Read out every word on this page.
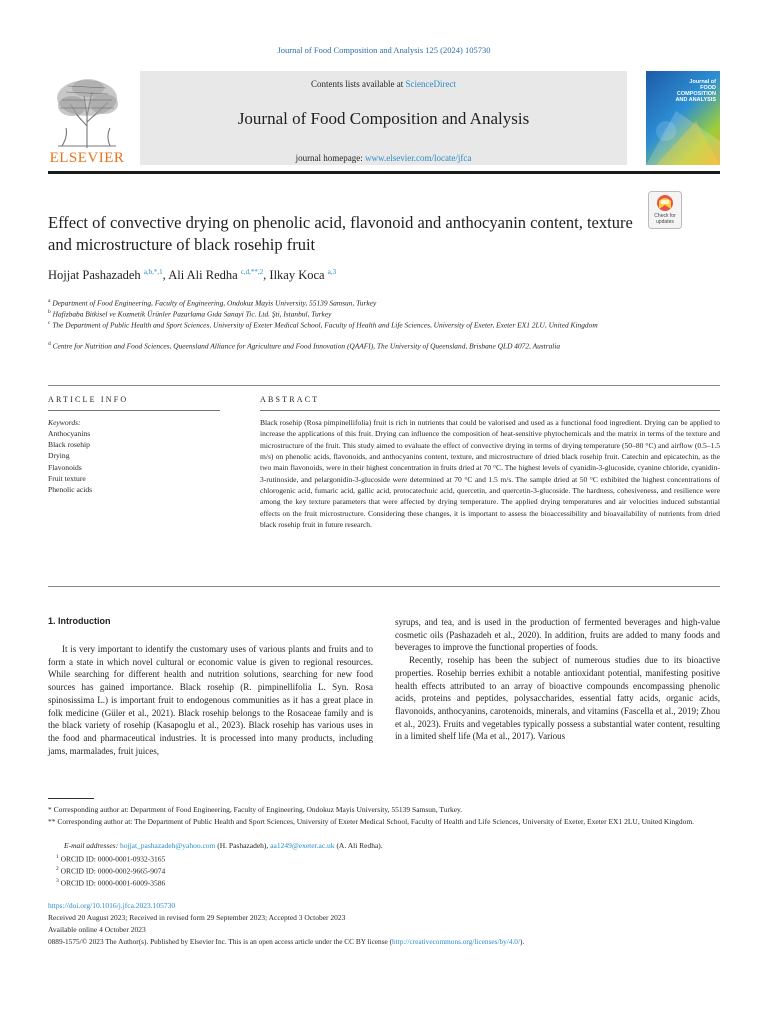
Journal of Food Composition and Analysis 125 (2024) 105730
ELSEVIER
Contents lists available at ScienceDirect
Journal of Food Composition and Analysis
journal homepage: www.elsevier.com/locate/jfca
Journal of FOOD COMPOSITION AND ANALYSIS
Check for updates
Effect of convective drying on phenolic acid, flavonoid and anthocyanin content, texture and microstructure of black rosehip fruit
Hojjat Pashazadeh $^{a,b,*,1}$, Ali Ali Redha $^{c,d,**,2}$, Ilkay Koca $^{a,3}$
$^a$ Department of Food Engineering, Faculty of Engineering, Ondokuz Mayis University, 55139 Samsun, Turkey
$^b$ Hafizbaba Bitkisel ve Kozmetik Ürünler Pazarlama Gıda Sanayi Tic. Ltd. Şti, Istanbul, Turkey
$^c$ The Department of Public Health and Sport Sciences, University of Exeter Medical School, Faculty of Health and Life Sciences, University of Exeter, Exeter EX1 2LU, United Kingdom
$^d$ Centre for Nutrition and Food Sciences, Queensland Alliance for Agriculture and Food Innovation (QAAFI), The University of Queensland, Brisbane QLD 4072, Australia
ARTICLE INFO	ABSTRACT
Keywords:
Anthocyanins
Black rosehip
Drying
Flavonoids
Fruit texture
Phenolic acids
Black rosehip (Rosa pimpinellifolia) fruit is rich in nutrients that could be valorised and used as a functional food ingredient. Drying can be applied to increase the applications of this fruit. Drying can influence the composition of heat-sensitive phytochemicals and the matrix in terms of the texture and microstructure of the fruit. This study aimed to evaluate the effect of convective drying in terms of drying temperature (50–80 °C) and airflow (0.5–1.5 m/s) on phenolic acids, flavonoids, and anthocyanins content, texture, and microstructure of dried black rosehip fruit. Catechin and epicatechin, as the two main flavonoids, were in their highest concentration in fruits dried at 70 °C. The highest levels of cyanidin-3-glucoside, cyanine chloride, cyanidin-3-rutinoside, and pelargonidin-3-glucoside were determined at 70 °C and 1.5 m/s. The sample dried at 50 °C exhibited the highest concentrations of chlorogenic acid, fumaric acid, gallic acid, protocatechuic acid, quercetin, and quercetin-3-glucoside. The hardness, cohesiveness, and resilience were among the key texture parameters that were affected by drying temperature. The applied drying temperatures and air velocities induced substantial effects on the fruit microstructure. Considering these changes, it is important to assess the bioaccessibility and bioavailability of nutrients from dried black rosehip fruit in future research.
1. Introduction

It is very important to identify the customary uses of various plants and fruits and to form a state in which novel cultural or economic value is given to regional resources. While searching for different health and nutrition solutions, searching for new food sources has gained importance. Black rosehip (R. pimpinellifolia L. Syn. Rosa spinosissima L.) is important fruit to endogenous communities as it has a great place in folk medicine (Güler et al., 2021). Black rosehip belongs to the Rosaceae family and is the black variety of rosehip (Kasapoglu et al., 2023). Black rosehip has various uses in the food and pharmaceutical industries. It is processed into many products, including jams, marmalades, fruit juices,

syrups, and tea, and is used in the production of fermented beverages and high-value cosmetic oils (Pashazadeh et al., 2020). In addition, fruits are added to many foods and beverages to improve the functional properties of foods.

Recently, rosehip has been the subject of numerous studies due to its bioactive properties. Rosehip berries exhibit a notable antioxidant potential, manifesting positive health effects attributed to an array of bioactive compounds encompassing phenolic acids, proteins and peptides, polysaccharides, essential fatty acids, organic acids, flavonoids, anthocyanins, carotenoids, minerals, and vitamins (Fascella et al., 2019; Zhou et al., 2023). Fruits and vegetables typically possess a substantial water content, resulting in a limited shelf life (Ma et al., 2017). Various

* Corresponding author at: Department of Food Engineering, Faculty of Engineering, Ondokuz Mayis University, 55139 Samsun, Turkey.
** Corresponding author at: The Department of Public Health and Sport Sciences, University of Exeter Medical School, Faculty of Health and Life Sciences, University of Exeter, Exeter EX1 2LU, United Kingdom.
E-mail addresses: hojjat_pashazadeh@yahoo.com (H. Pashazadeh), aa1249@exeter.ac.uk (A. Ali Redha).
$^1$ ORCID ID: 0000-0001-0932-3165
$^2$ ORCID ID: 0000-0002-9665-9074
$^3$ ORCID ID: 0000-0001-6009-3586
https://doi.org/10.1016/j.jfca.2023.105730
Received 20 August 2023; Received in revised form 29 September 2023; Accepted 3 October 2023
Available online 4 October 2023
0889-1575/© 2023 The Author(s). Published by Elsevier Inc. This is an open access article under the CC BY license (http://creativecommons.org/licenses/by/4.0/).
